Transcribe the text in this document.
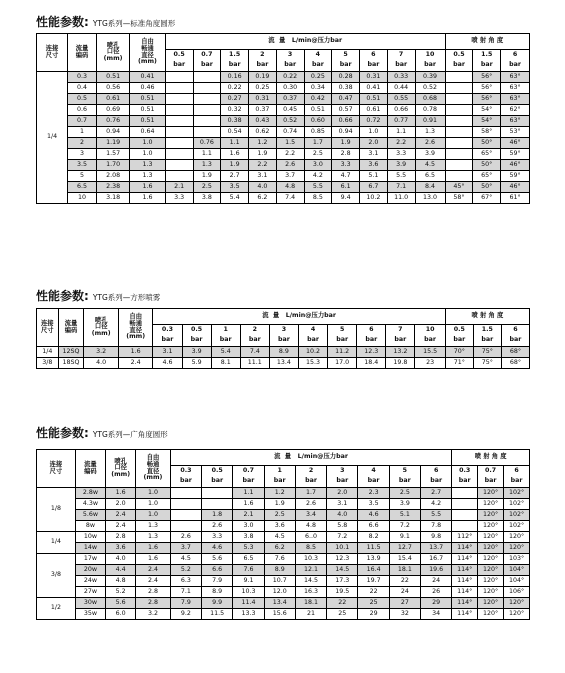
性能参数: YTG系列—标准角度圆形
连接
尺寸	流量
编码	喷孔
口径
(mm)	自由
畅通
直径
(mm)	流  量   L/min@压力bar										喷 射 角 度		
				0.5	0.7	1.5	2	3	4	5	6	7	10	0.5	1.5	6
				bar	bar	bar	bar	bar	bar	bar	bar	bar	bar	bar	bar	bar
1/4	0.3	0.51	0.41			0.16	0.19	0.22	0.25	0.28	0.31	0.33	0.39		56°	63°
	0.4	0.56	0.46			0.22	0.25	0.30	0.34	0.38	0.41	0.44	0.52		56°	63°
	0.5	0.61	0.51			0.27	0.31	0.37	0.42	0.47	0.51	0.55	0.68		56°	63°
	0.6	0.69	0.51			0.32	0.37	0.45	0.51	0.57	0.61	0.66	0.78		54°	62°
	0.7	0.76	0.51			0.38	0.43	0.52	0.60	0.66	0.72	0.77	0.91		54°	63°
	1	0.94	0.64			0.54	0.62	0.74	0.85	0.94	1.0	1.1	1.3		58°	53°
	2	1.19	1.0		0.76	1.1	1.2	1.5	1.7	1.9	2.0	2.2	2.6		50°	46°
	3	1.57	1.0		1.1	1.6	1.9	2.2	2.5	2.8	3.1	3.3	3.9		65°	59°
	3.5	1.70	1.3		1.3	1.9	2.2	2.6	3.0	3.3	3.6	3.9	4.5		50°	46°
	5	2.08	1.3		1.9	2.7	3.1	3.7	4.2	4.7	5.1	5.5	6.5		65°	59°
	6.5	2.38	1.6	2.1	2.5	3.5	4.0	4.8	5.5	6.1	6.7	7.1	8.4	45°	50°	46°
	10	3.18	1.6	3.3	3.8	5.4	6.2	7.4	8.5	9.4	10.2	11.0	13.0	58°	67°	61°
性能参数: YTG系列—方形喷雾
连接
尺寸	流量
编码	喷孔
口径
(mm)	自由
畅通
直径
(mm)	流  量   L/min@压力bar										喷 射 角 度		
				0.3	0.5	1	2	3	4	5	6	7	10	0.5	1.5	6
				bar	bar	bar	bar	bar	bar	bar	bar	bar	bar	bar	bar	bar
1/4	12SQ	3.2	1.6	3.1	3.9	5.4	7.4	8.9	10.2	11.2	12.3	13.2	15.5	70°	75°	68°
3/8	18SQ	4.0	2.4	4.6	5.9	8.1	11.1	13.4	15.3	17.0	18.4	19.8	23	71°	75°	68°
性能参数: YTG系列—广角度圆形
连接
尺寸	流量
编码	喷孔
口径
(mm)	自由
畅通
直径
(mm)	流  量   L/min@压力bar									喷 射 角 度		
				0.3	0.5	0.7	1	2	3	4	5	6	0.3	0.7	6
				bar	bar	bar	bar	bar	bar	bar	bar	bar	bar	bar	bar
1/8	2.8w	1.6	1.0			1.1	1.2	1.7	2.0	2.3	2.5	2.7		120°	102°
	4.3w	2.0	1.0			1.6	1.9	2.6	3.1	3.5	3.9	4.2		120°	102°
	5.6w	2.4	1.0		1.8	2.1	2.5	3.4	4.0	4.6	5.1	5.5		120°	102°
	8w	2.4	1.3		2.6	3.0	3.6	4.8	5.8	6.6	7.2	7.8		120°	102°
1/4	10w	2.8	1.3	2.6	3.3	3.8	4.5	6..0	7.2	8.2	9.1	9.8	112°	120°	120°
	14w	3.6	1.6	3.7	4.6	5.3	6.2	8.5	10.1	11.5	12.7	13.7	114°	120°	120°
3/8	17w	4.0	1.6	4.5	5.6	6.5	7.6	10.3	12.3	13.9	15.4	16.7	114°	120°	103°
	20w	4.4	2.4	5.2	6.6	7.6	8.9	12.1	14.5	16.4	18.1	19.6	114°	120°	104°
	24w	4.8	2.4	6.3	7.9	9.1	10.7	14.5	17.3	19.7	22	24	114°	120°	104°
	27w	5.2	2.8	7.1	8.9	10.3	12.0	16.3	19.5	22	24	26	114°	120°	106°
1/2	30w	5.6	2.8	7.9	9.9	11.4	13.4	18.1	22	25	27	29	114°	120°	120°
	35w	6.0	3.2	9.2	11.5	13.3	15.6	21	25	29	32	34	114°	120°	120°
